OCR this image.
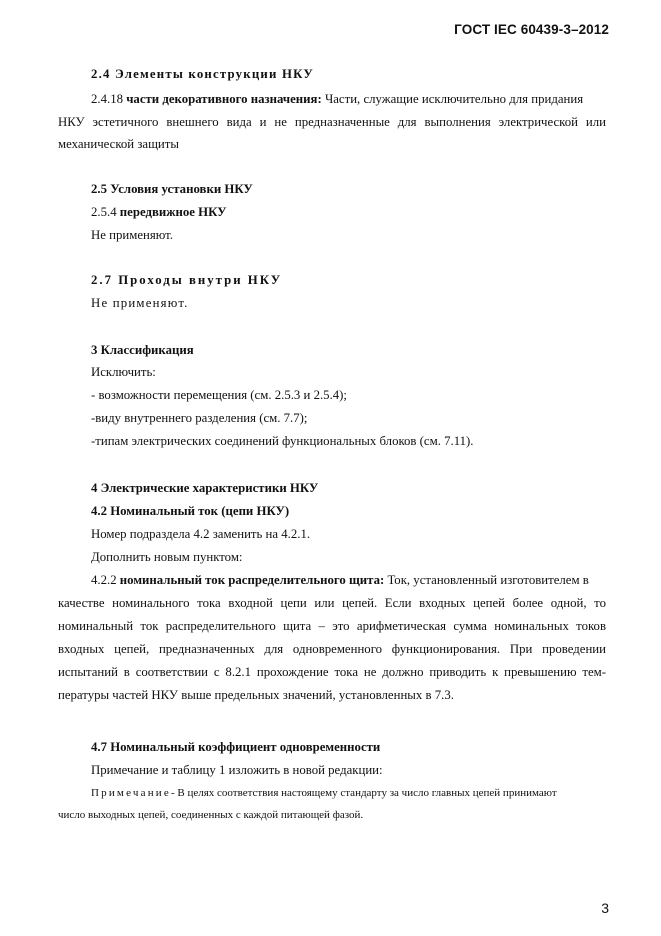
ГОСТ IEC 60439-3–2012
2.4 Элементы конструкции НКУ
2.4.18 части декоративного назначения: Части, служащие исключительно для придания
НКУ эстетичного внешнего вида и не предназначенные для выполнения электрической или
механической защиты
2.5 Условия установки НКУ
2.5.4 передвижное НКУ
Не применяют.
2.7 Проходы внутри НКУ
Не применяют.
3 Классификация
Исключить:
- возможности перемещения (см. 2.5.3 и 2.5.4);
-виду внутреннего разделения (см. 7.7);
-типам электрических соединений функциональных блоков (см. 7.11).
4 Электрические характеристики НКУ
4.2 Номинальный ток (цепи НКУ)
Номер подраздела 4.2 заменить на 4.2.1.
Дополнить новым пунктом:
4.2.2 номинальный ток распределительного щита: Ток, установленный изготовителем в
качестве номинального тока входной цепи или цепей. Если входных цепей более одной, то
номинальный ток распределительного щита – это арифметическая сумма номинальных токов
входных цепей, предназначенных для одновременного функционирования. При проведении
испытаний в соответствии с 8.2.1 прохождение тока не должно приводить к превышению тем-
пературы частей НКУ выше предельных значений, установленных в 7.3.
4.7 Номинальный коэффициент одновременности
Примечание и таблицу 1 изложить в новой редакции:
Примечание- В целях соответствия настоящему стандарту за число главных цепей принимают
число выходных цепей, соединенных с каждой питающей фазой.
3
